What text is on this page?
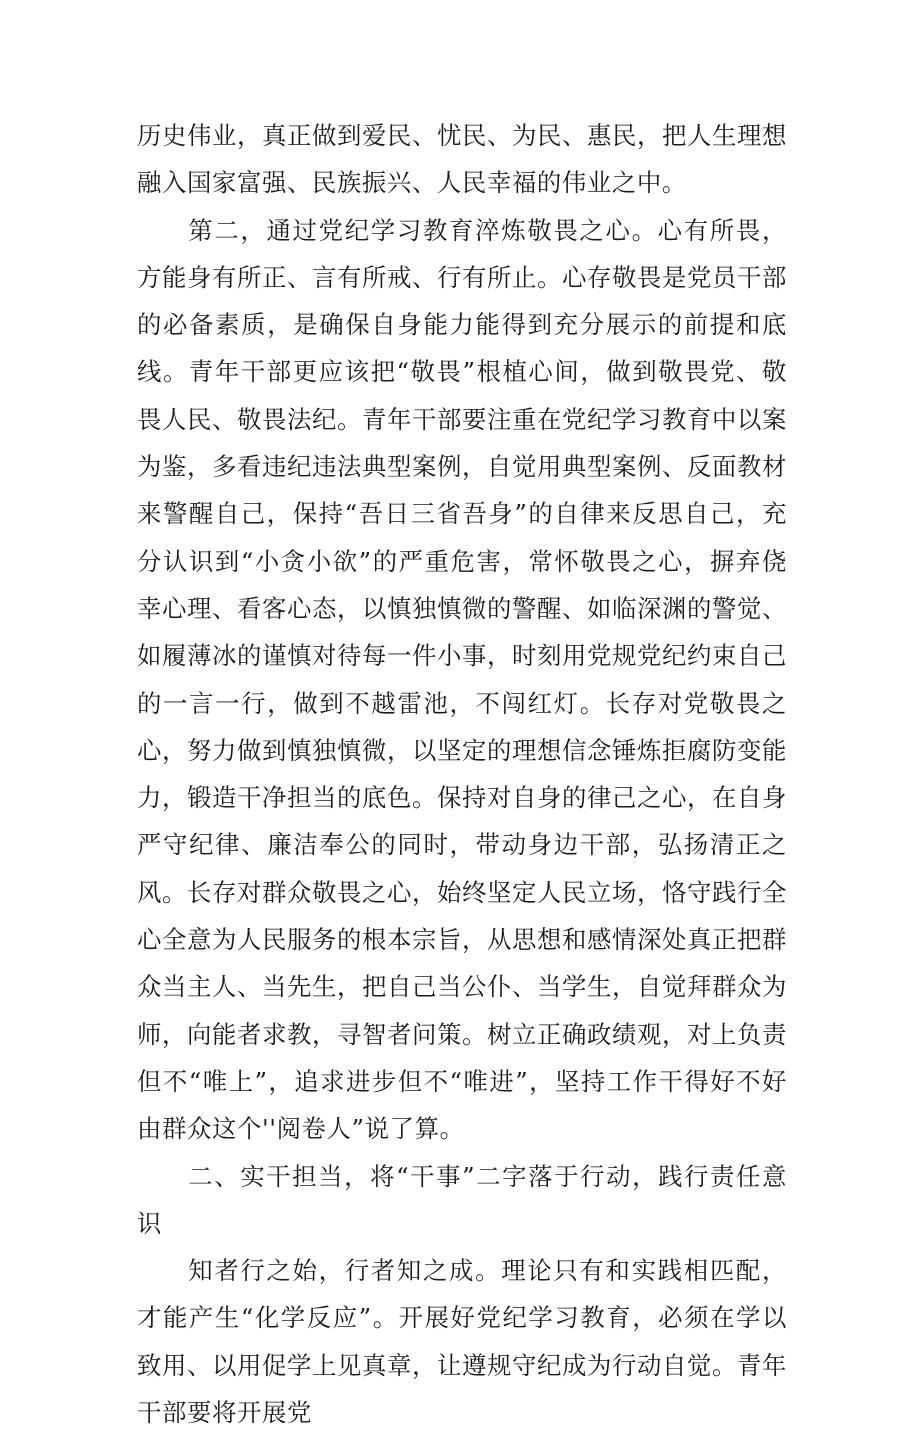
历史伟业，真正做到爱民、忧民、为民、惠民，把人生理想融入国家富强、民族振兴、人民幸福的伟业之中。

第二，通过党纪学习教育淬炼敬畏之心。心有所畏，方能身有所正、言有所戒、行有所止。心存敬畏是党员干部的必备素质，是确保自身能力能得到充分展示的前提和底线。青年干部更应该把“敬畏”根植心间，做到敬畏党、敬畏人民、敬畏法纪。青年干部要注重在党纪学习教育中以案为鉴，多看违纪违法典型案例，自觉用典型案例、反面教材来警醒自己，保持“吾日三省吾身”的自律来反思自己，充分认识到“小贪小欲”的严重危害，常怀敬畏之心，摒弃侥幸心理、看客心态，以慎独慎微的警醒、如临深渊的警觉、如履薄冰的谨慎对待每一件小事，时刻用党规党纪约束自己的一言一行，做到不越雷池，不闯红灯。长存对党敬畏之心，努力做到慎独慎微，以坚定的理想信念锤炼拒腐防变能力，锻造干净担当的底色。保持对自身的律己之心，在自身严守纪律、廉洁奉公的同时，带动身边干部，弘扬清正之风。长存对群众敬畏之心，始终坚定人民立场，恪守践行全心全意为人民服务的根本宗旨，从思想和感情深处真正把群众当主人、当先生，把自己当公仆、当学生，自觉拜群众为师，向能者求教，寻智者问策。树立正确政绩观，对上负责但不“唯上”，追求进步但不“唯进”，坚持工作干得好不好由群众这个''阅卷人”说了算。

二、实干担当，将“干事”二字落于行动，践行责任意识

知者行之始，行者知之成。理论只有和实践相匹配，才能产生“化学反应”。开展好党纪学习教育，必须在学以致用、以用促学上见真章，让遵规守纪成为行动自觉。青年干部要将开展党
